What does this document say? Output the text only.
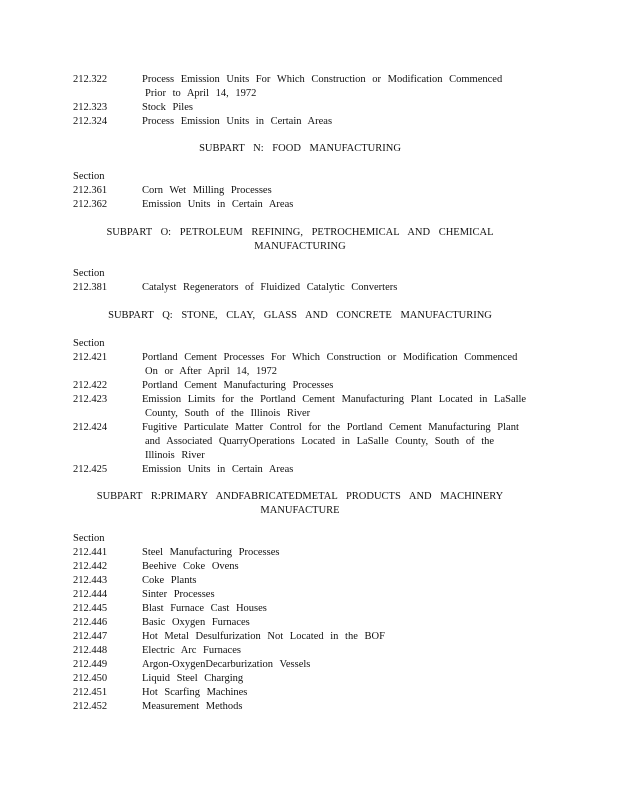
212.322	Process Emission Units For Which Construction or Modification Commenced
Prior to April 14, 1972
212.323	Stock Piles
212.324	Process Emission Units in Certain Areas
SUBPART N: FOOD MANUFACTURING
Section
212.361	Corn Wet Milling Processes
212.362	Emission Units in Certain Areas
SUBPART O: PETROLEUM REFINING, PETROCHEMICAL AND CHEMICAL
MANUFACTURING
Section
212.381	Catalyst Regenerators of Fluidized Catalytic Converters
SUBPART Q: STONE, CLAY, GLASS AND CONCRETE MANUFACTURING
Section
212.421	Portland Cement Processes For Which Construction or Modification Commenced
On or After April 14, 1972
212.422	Portland Cement Manufacturing Processes
212.423	Emission Limits for the Portland Cement Manufacturing Plant Located in LaSalle
County, South of the Illinois River
212.424	Fugitive Particulate Matter Control for the Portland Cement Manufacturing Plant
and Associated QuarryOperations Located in LaSalle County, South of the
Illinois River
212.425	Emission Units in Certain Areas
SUBPART R:PRIMARY ANDFABRICATEDMETAL PRODUCTS AND MACHINERY
MANUFACTURE
Section
212.441	Steel Manufacturing Processes
212.442	Beehive Coke Ovens
212.443	Coke Plants
212.444	Sinter Processes
212.445	Blast Furnace Cast Houses
212.446	Basic Oxygen Furnaces
212.447	Hot Metal Desulfurization Not Located in the BOF
212.448	Electric Arc Furnaces
212.449	Argon-OxygenDecarburization Vessels
212.450	Liquid Steel Charging
212.451	Hot Scarfing Machines
212.452	Measurement Methods
